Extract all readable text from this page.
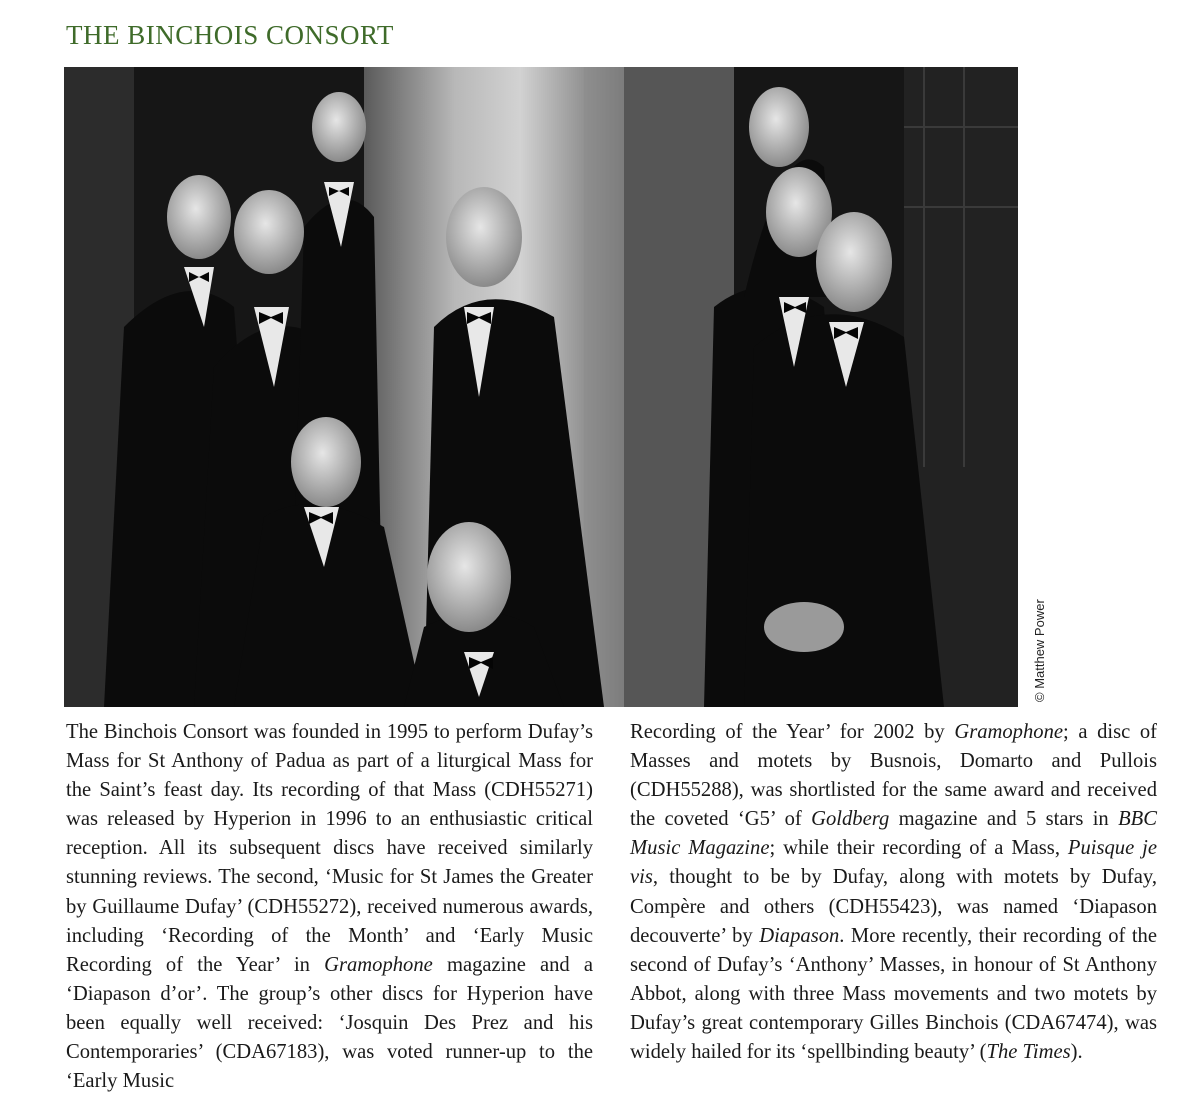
THE BINCHOIS CONSORT
© Matthew Power

The Binchois Consort was founded in 1995 to perform Dufay’s Mass for St Anthony of Padua as part of a liturgical Mass for the Saint’s feast day. Its recording of that Mass (CDH55271) was released by Hyperion in 1996 to an enthusiastic critical reception. All its subsequent discs have received similarly stunning reviews. The second, ‘Music for St James the Greater by Guillaume Dufay’ (CDH55272), received numerous awards, including ‘Recording of the Month’ and ‘Early Music Recording of the Year’ in Gramophone magazine and a ‘Diapason d’or’. The group’s other discs for Hyperion have been equally well received: ‘Josquin Des Prez and his Contemporaries’ (CDA67183), was voted runner-up to the ‘Early Music

Recording of the Year’ for 2002 by Gramophone; a disc of Masses and motets by Busnois, Domarto and Pullois (CDH55288), was shortlisted for the same award and received the coveted ‘G5’ of Goldberg magazine and 5 stars in BBC Music Magazine; while their recording of a Mass, Puisque je vis, thought to be by Dufay, along with motets by Dufay, Compère and others (CDH55423), was named ‘Diapason decouverte’ by Diapason. More recently, their recording of the second of Dufay’s ‘Anthony’ Masses, in honour of St Anthony Abbot, along with three Mass movements and two motets by Dufay’s great contemporary Gilles Binchois (CDA67474), was widely hailed for its ‘spellbinding beauty’ (The Times).
